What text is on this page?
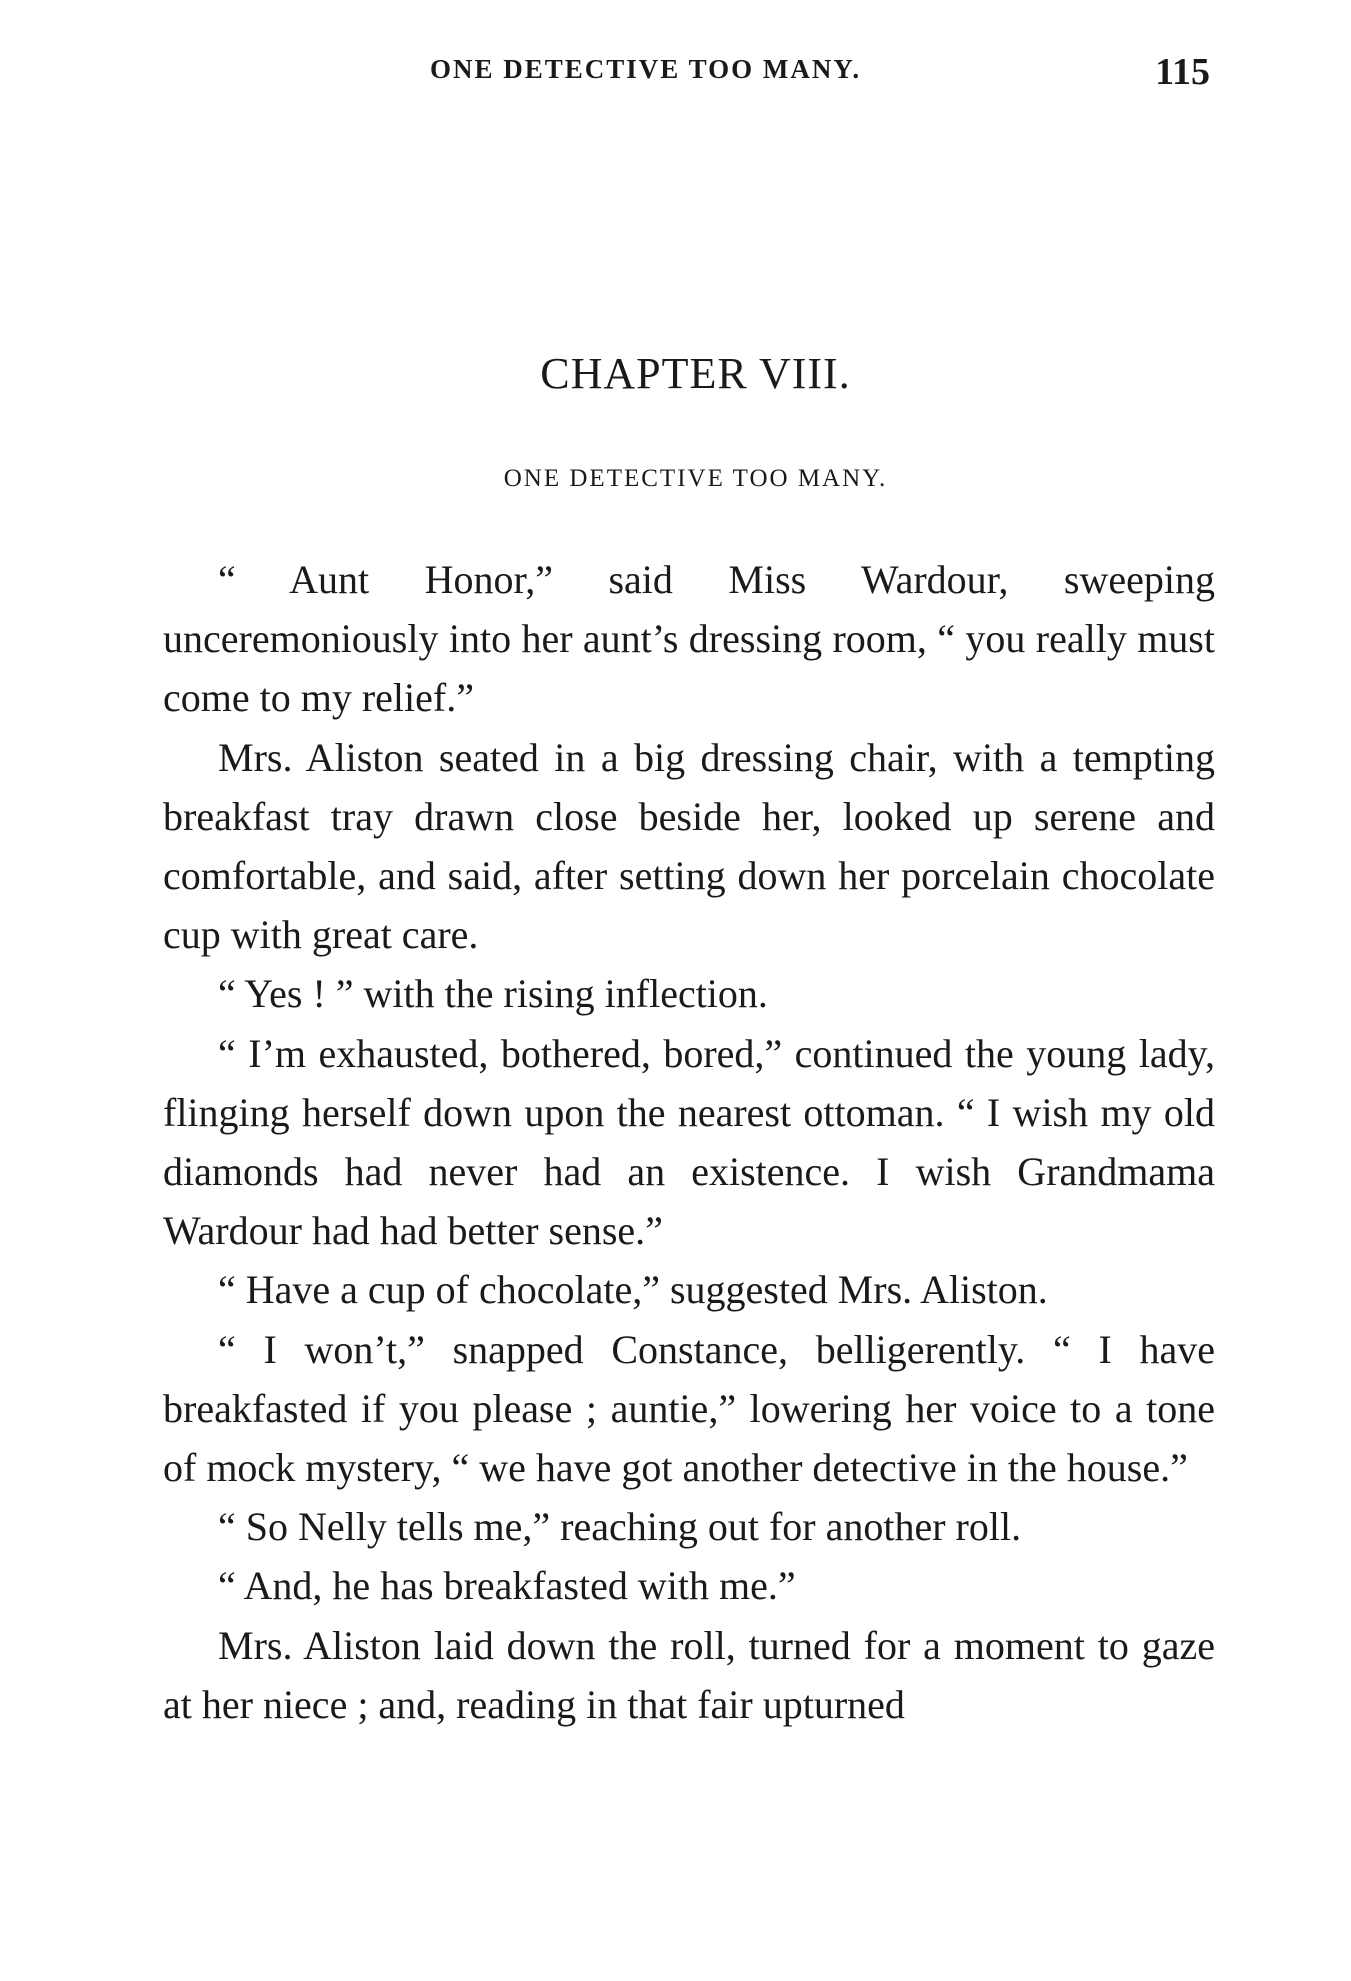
ONE DETECTIVE TOO MANY.	115
CHAPTER VIII.
ONE DETECTIVE TOO MANY.

“ Aunt Honor,” said Miss Wardour, sweeping unceremoniously into her aunt’s dressing room, “ you really must come to my relief.”

Mrs. Aliston seated in a big dressing chair, with a tempting breakfast tray drawn close beside her, looked up serene and comfortable, and said, after setting down her porcelain chocolate cup with great care.

“ Yes ! ” with the rising inflection.

“ I’m exhausted, bothered, bored,” continued the young lady, flinging herself down upon the nearest ottoman. “ I wish my old diamonds had never had an existence. I wish Grandmama Wardour had had better sense.”

“ Have a cup of chocolate,” suggested Mrs. Aliston.

“ I won’t,” snapped Constance, belligerently. “ I have breakfasted if you please ; auntie,” lowering her voice to a tone of mock mystery, “ we have got another detective in the house.”

“ So Nelly tells me,” reaching out for another roll.

“ And, he has breakfasted with me.”

Mrs. Aliston laid down the roll, turned for a moment to gaze at her niece ; and, reading in that fair upturned
